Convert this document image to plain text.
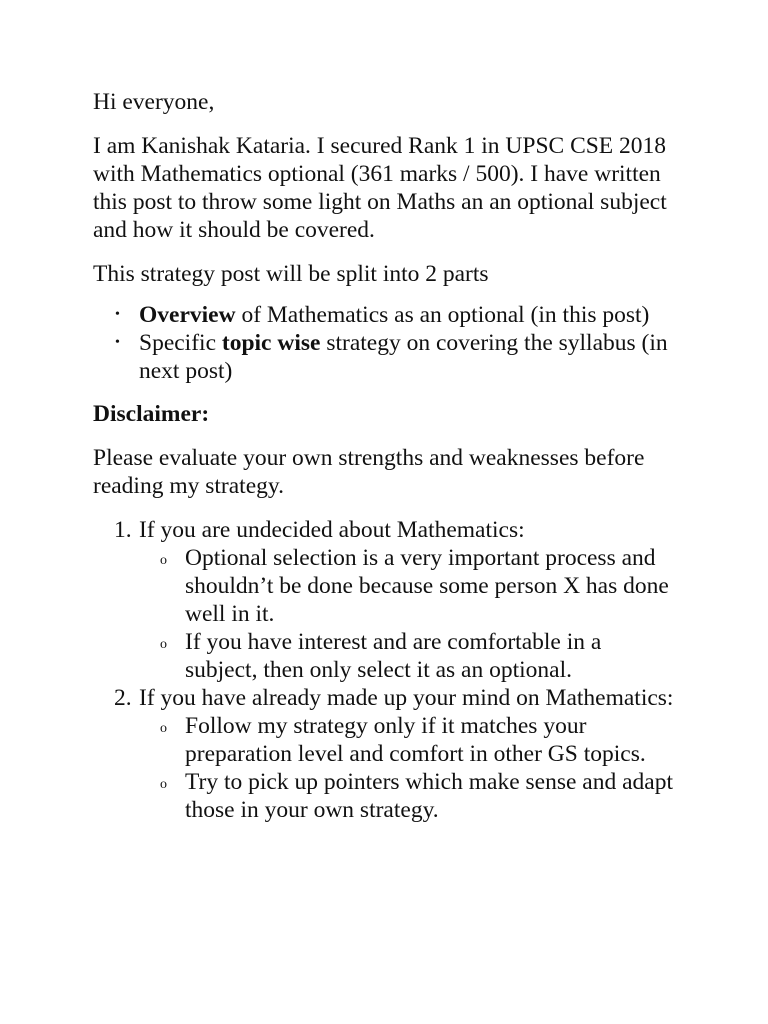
Hi everyone,

I am Kanishak Kataria. I secured Rank 1 in UPSC CSE 2018 with Mathematics optional (361 marks / 500). I have written this post to throw some light on Maths an an optional subject and how it should be covered.

This strategy post will be split into 2 parts

• Overview of Mathematics as an optional (in this post)
• Specific topic wise strategy on covering the syllabus (in next post)

Disclaimer:

Please evaluate your own strengths and weaknesses before reading my strategy.

1. If you are undecided about Mathematics:
o Optional selection is a very important process and shouldn’t be done because some person X has done well in it.
o If you have interest and are comfortable in a subject, then only select it as an optional.
2. If you have already made up your mind on Mathematics:
o Follow my strategy only if it matches your preparation level and comfort in other GS topics.
o Try to pick up pointers which make sense and adapt those in your own strategy.
